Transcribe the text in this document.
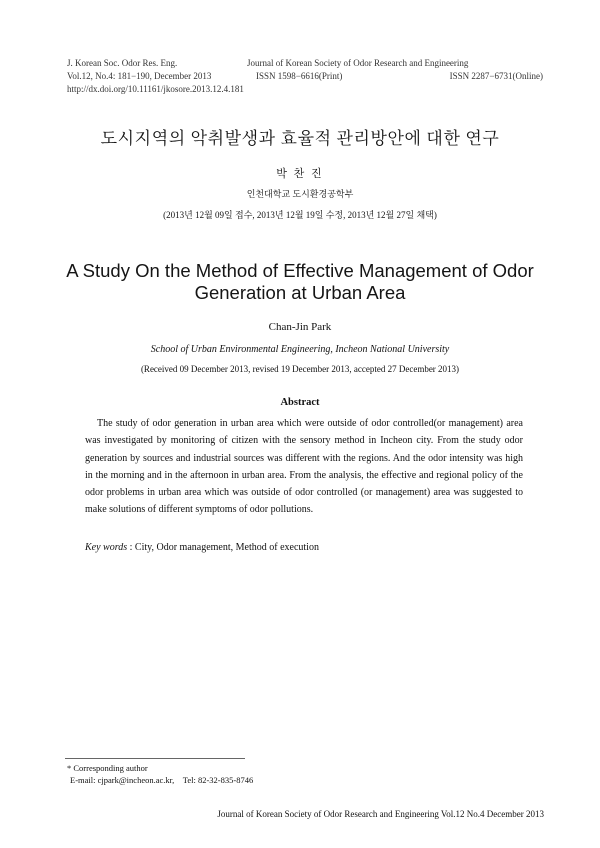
J. Korean Soc. Odor Res. Eng.	Journal of Korean Society of Odor Research and Engineering
Vol.12, No.4: 181−190, December 2013	ISSN 1598−6616(Print)	ISSN 2287−6731(Online)
http://dx.doi.org/10.11161/jkosore.2013.12.4.181
도시지역의 악취발생과 효율적 관리방안에 대한 연구
박 찬 진
인천대학교 도시환경공학부
(2013년 12월 09일 접수, 2013년 12월 19일 수정, 2013년 12월 27일 채택)
A Study On the Method of Effective Management of Odor Generation at Urban Area
Chan-Jin Park
School of Urban Environmental Engineering, Incheon National University
(Received 09 December 2013, revised 19 December 2013, accepted 27 December 2013)
Abstract

The study of odor generation in urban area which were outside of odor controlled(or management) area was investigated by monitoring of citizen with the sensory method in Incheon city. From the study odor generation by sources and industrial sources was different with the regions. And the odor intensity was high in the morning and in the afternoon in urban area. From the analysis, the effective and regional policy of the odor problems in urban area which was outside of odor controlled (or management) area was suggested to make solutions of different symptoms of odor pollutions.

Key words : City, Odor management, Method of execution
* Corresponding author
E-mail: cjpark@incheon.ac.kr, Tel: 82-32-835-8746
Journal of Korean Society of Odor Research and Engineering Vol.12 No.4 December 2013
